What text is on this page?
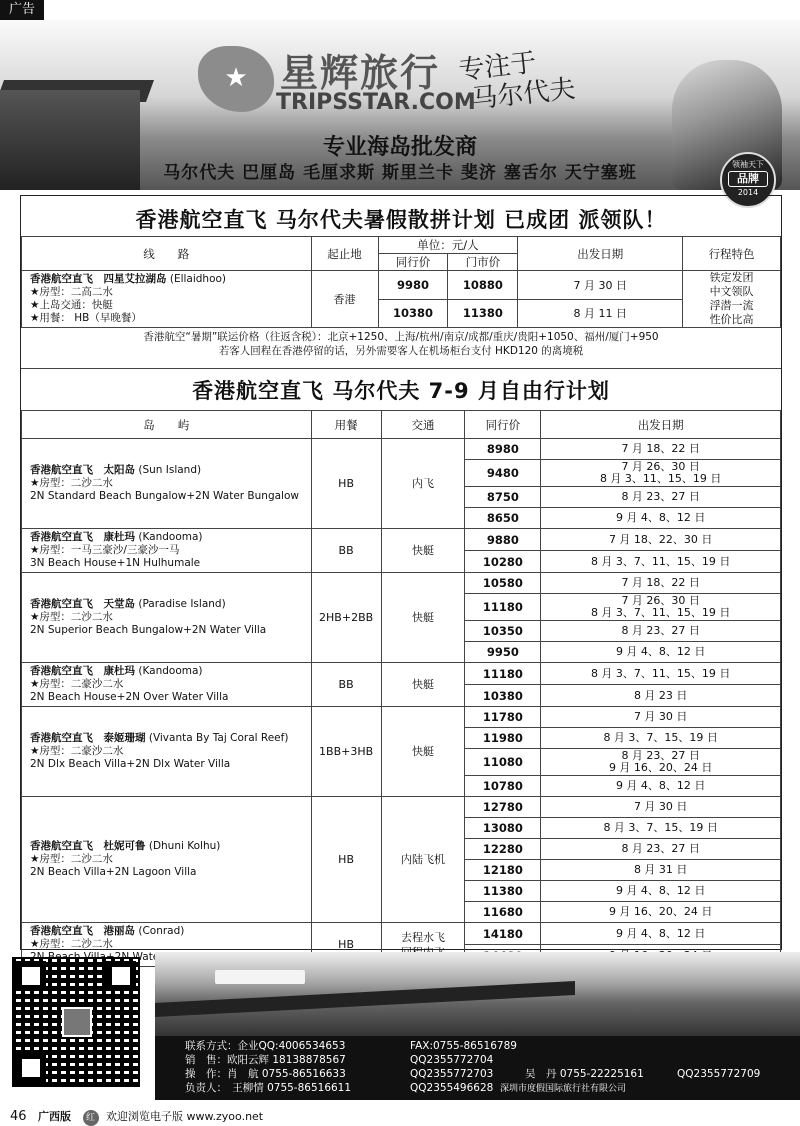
广告
★ 星辉旅行
TRIPSSTAR.COM
专注于
马尔代夫
专业海岛批发商
马尔代夫 巴厘岛 毛厘求斯 斯里兰卡 斐济 塞舌尔 天宁塞班	领袖天下
品牌
2014
香港航空直飞 马尔代夫暑假散拼计划 已成团 派领队！
线　　路	起止地	单位：元/人		出发日期	行程特色
		同行价	门市价		
香港航空直飞　四星艾拉湖岛 (Ellaidhoo)
★房型：二高二水
★上岛交通：快艇
★用餐： HB（早晚餐）	香港	9980	10880	7 月 30 日	铁定发团
中文领队
浮潜一流
性价比高
		10380	11380	8 月 11 日	
香港航空“暑期”联运价格（往返含税）：北京+1250、上海/杭州/南京/成都/重庆/贵阳+1050、福州/厦门+950
若客人回程在香港停留的话，另外需要客人在机场柜台支付 HKD120 的离境税
香港航空直飞 马尔代夫 7-9 月自由行计划
岛　　屿	用餐	交通	同行价	出发日期
香港航空直飞　太阳岛 (Sun Island)
★房型：二沙二水
2N Standard Beach Bungalow+2N Water Bungalow	HB	内飞	8980	7 月 18、22 日
			9480	7 月 26、30 日
8 月 3、11、15、19 日
			8750	8 月 23、27 日
			8650	9 月 4、8、12 日
香港航空直飞　康杜玛 (Kandooma)
★房型：一马三豪沙/三豪沙一马
3N Beach House+1N Hulhumale	BB	快艇	9880	7 月 18、22、30 日
			10280	8 月 3、7、11、15、19 日
香港航空直飞　天堂岛 (Paradise Island)
★房型：二沙二水
2N Superior Beach Bungalow+2N Water Villa	2HB+2BB	快艇	10580	7 月 18、22 日
			11180	7 月 26、30 日
8 月 3、7、11、15、19 日
			10350	8 月 23、27 日
			9950	9 月 4、8、12 日
香港航空直飞　康杜玛 (Kandooma)
★房型：二豪沙二水
2N Beach House+2N Over Water Villa	BB	快艇	11180	8 月 3、7、11、15、19 日
			10380	8 月 23 日
香港航空直飞　泰姬珊瑚 (Vivanta By Taj Coral Reef)
★房型：二豪沙二水
2N Dlx Beach Villa+2N Dlx Water Villa	1BB+3HB	快艇	11780	7 月 30 日
			11980	8 月 3、7、15、19 日
			11080	8 月 23、27 日
9 月 16、20、24 日
			10780	9 月 4、8、12 日
香港航空直飞　杜妮可鲁 (Dhuni Kolhu)
★房型：二沙二水
2N Beach Villa+2N Lagoon Villa	HB	内陆飞机	12780	7 月 30 日
			13080	8 月 3、7、15、19 日
			12280	8 月 23、27 日
			12180	8 月 31 日
			11380	9 月 4、8、12 日
			11680	9 月 16、20、24 日
香港航空直飞　港丽岛 (Conrad)
★房型：二沙二水
Water	HB	去程水飞	14180	9 月 4、8、12 日

联系方式：企业QQ:4006534653	FAX:0755-86516789
销　售：欧阳云辉 18138878567	QQ2355772704
操　作：肖　航 0755-86516633	QQ2355772703	吴　丹 0755-22225161	QQ2355772709
负责人：　王柳情 0755-86516611	QQ2355496628 深圳市度假国际旅行社有限公司
46 广西版 红 欢迎浏览电子版 www.zyoo.net
